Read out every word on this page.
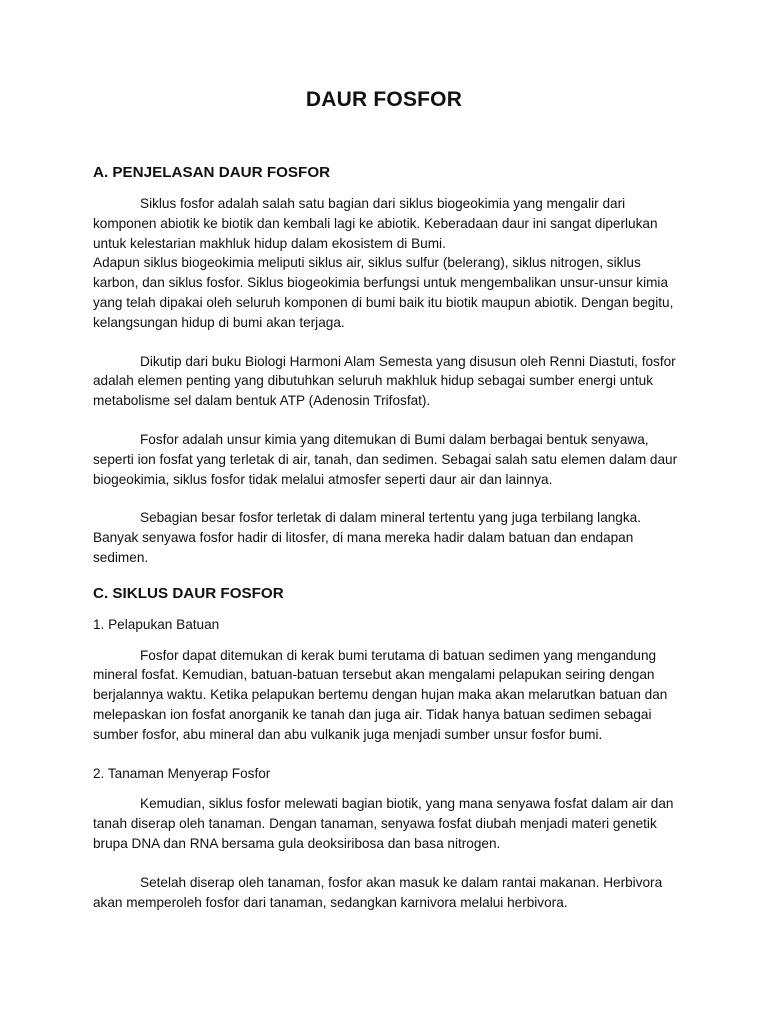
DAUR FOSFOR
A. PENJELASAN DAUR FOSFOR

Siklus fosfor adalah salah satu bagian dari siklus biogeokimia yang mengalir dari komponen abiotik ke biotik dan kembali lagi ke abiotik. Keberadaan daur ini sangat diperlukan untuk kelestarian makhluk hidup dalam ekosistem di Bumi.

Adapun siklus biogeokimia meliputi siklus air, siklus sulfur (belerang), siklus nitrogen, siklus karbon, dan siklus fosfor. Siklus biogeokimia berfungsi untuk mengembalikan unsur-unsur kimia yang telah dipakai oleh seluruh komponen di bumi baik itu biotik maupun abiotik. Dengan begitu, kelangsungan hidup di bumi akan terjaga.

Dikutip dari buku Biologi Harmoni Alam Semesta yang disusun oleh Renni Diastuti, fosfor adalah elemen penting yang dibutuhkan seluruh makhluk hidup sebagai sumber energi untuk metabolisme sel dalam bentuk ATP (Adenosin Trifosfat).

Fosfor adalah unsur kimia yang ditemukan di Bumi dalam berbagai bentuk senyawa, seperti ion fosfat yang terletak di air, tanah, dan sedimen. Sebagai salah satu elemen dalam daur biogeokimia, siklus fosfor tidak melalui atmosfer seperti daur air dan lainnya.

Sebagian besar fosfor terletak di dalam mineral tertentu yang juga terbilang langka. Banyak senyawa fosfor hadir di litosfer, di mana mereka hadir dalam batuan dan endapan sedimen.

C. SIKLUS DAUR FOSFOR

1. Pelapukan Batuan

Fosfor dapat ditemukan di kerak bumi terutama di batuan sedimen yang mengandung mineral fosfat. Kemudian, batuan-batuan tersebut akan mengalami pelapukan seiring dengan berjalannya waktu. Ketika pelapukan bertemu dengan hujan maka akan melarutkan batuan dan melepaskan ion fosfat anorganik ke tanah dan juga air. Tidak hanya batuan sedimen sebagai sumber fosfor, abu mineral dan abu vulkanik juga menjadi sumber unsur fosfor bumi.

2. Tanaman Menyerap Fosfor

Kemudian, siklus fosfor melewati bagian biotik, yang mana senyawa fosfat dalam air dan tanah diserap oleh tanaman. Dengan tanaman, senyawa fosfat diubah menjadi materi genetik brupa DNA dan RNA bersama gula deoksiribosa dan basa nitrogen.

Setelah diserap oleh tanaman, fosfor akan masuk ke dalam rantai makanan. Herbivora akan memperoleh fosfor dari tanaman, sedangkan karnivora melalui herbivora.
